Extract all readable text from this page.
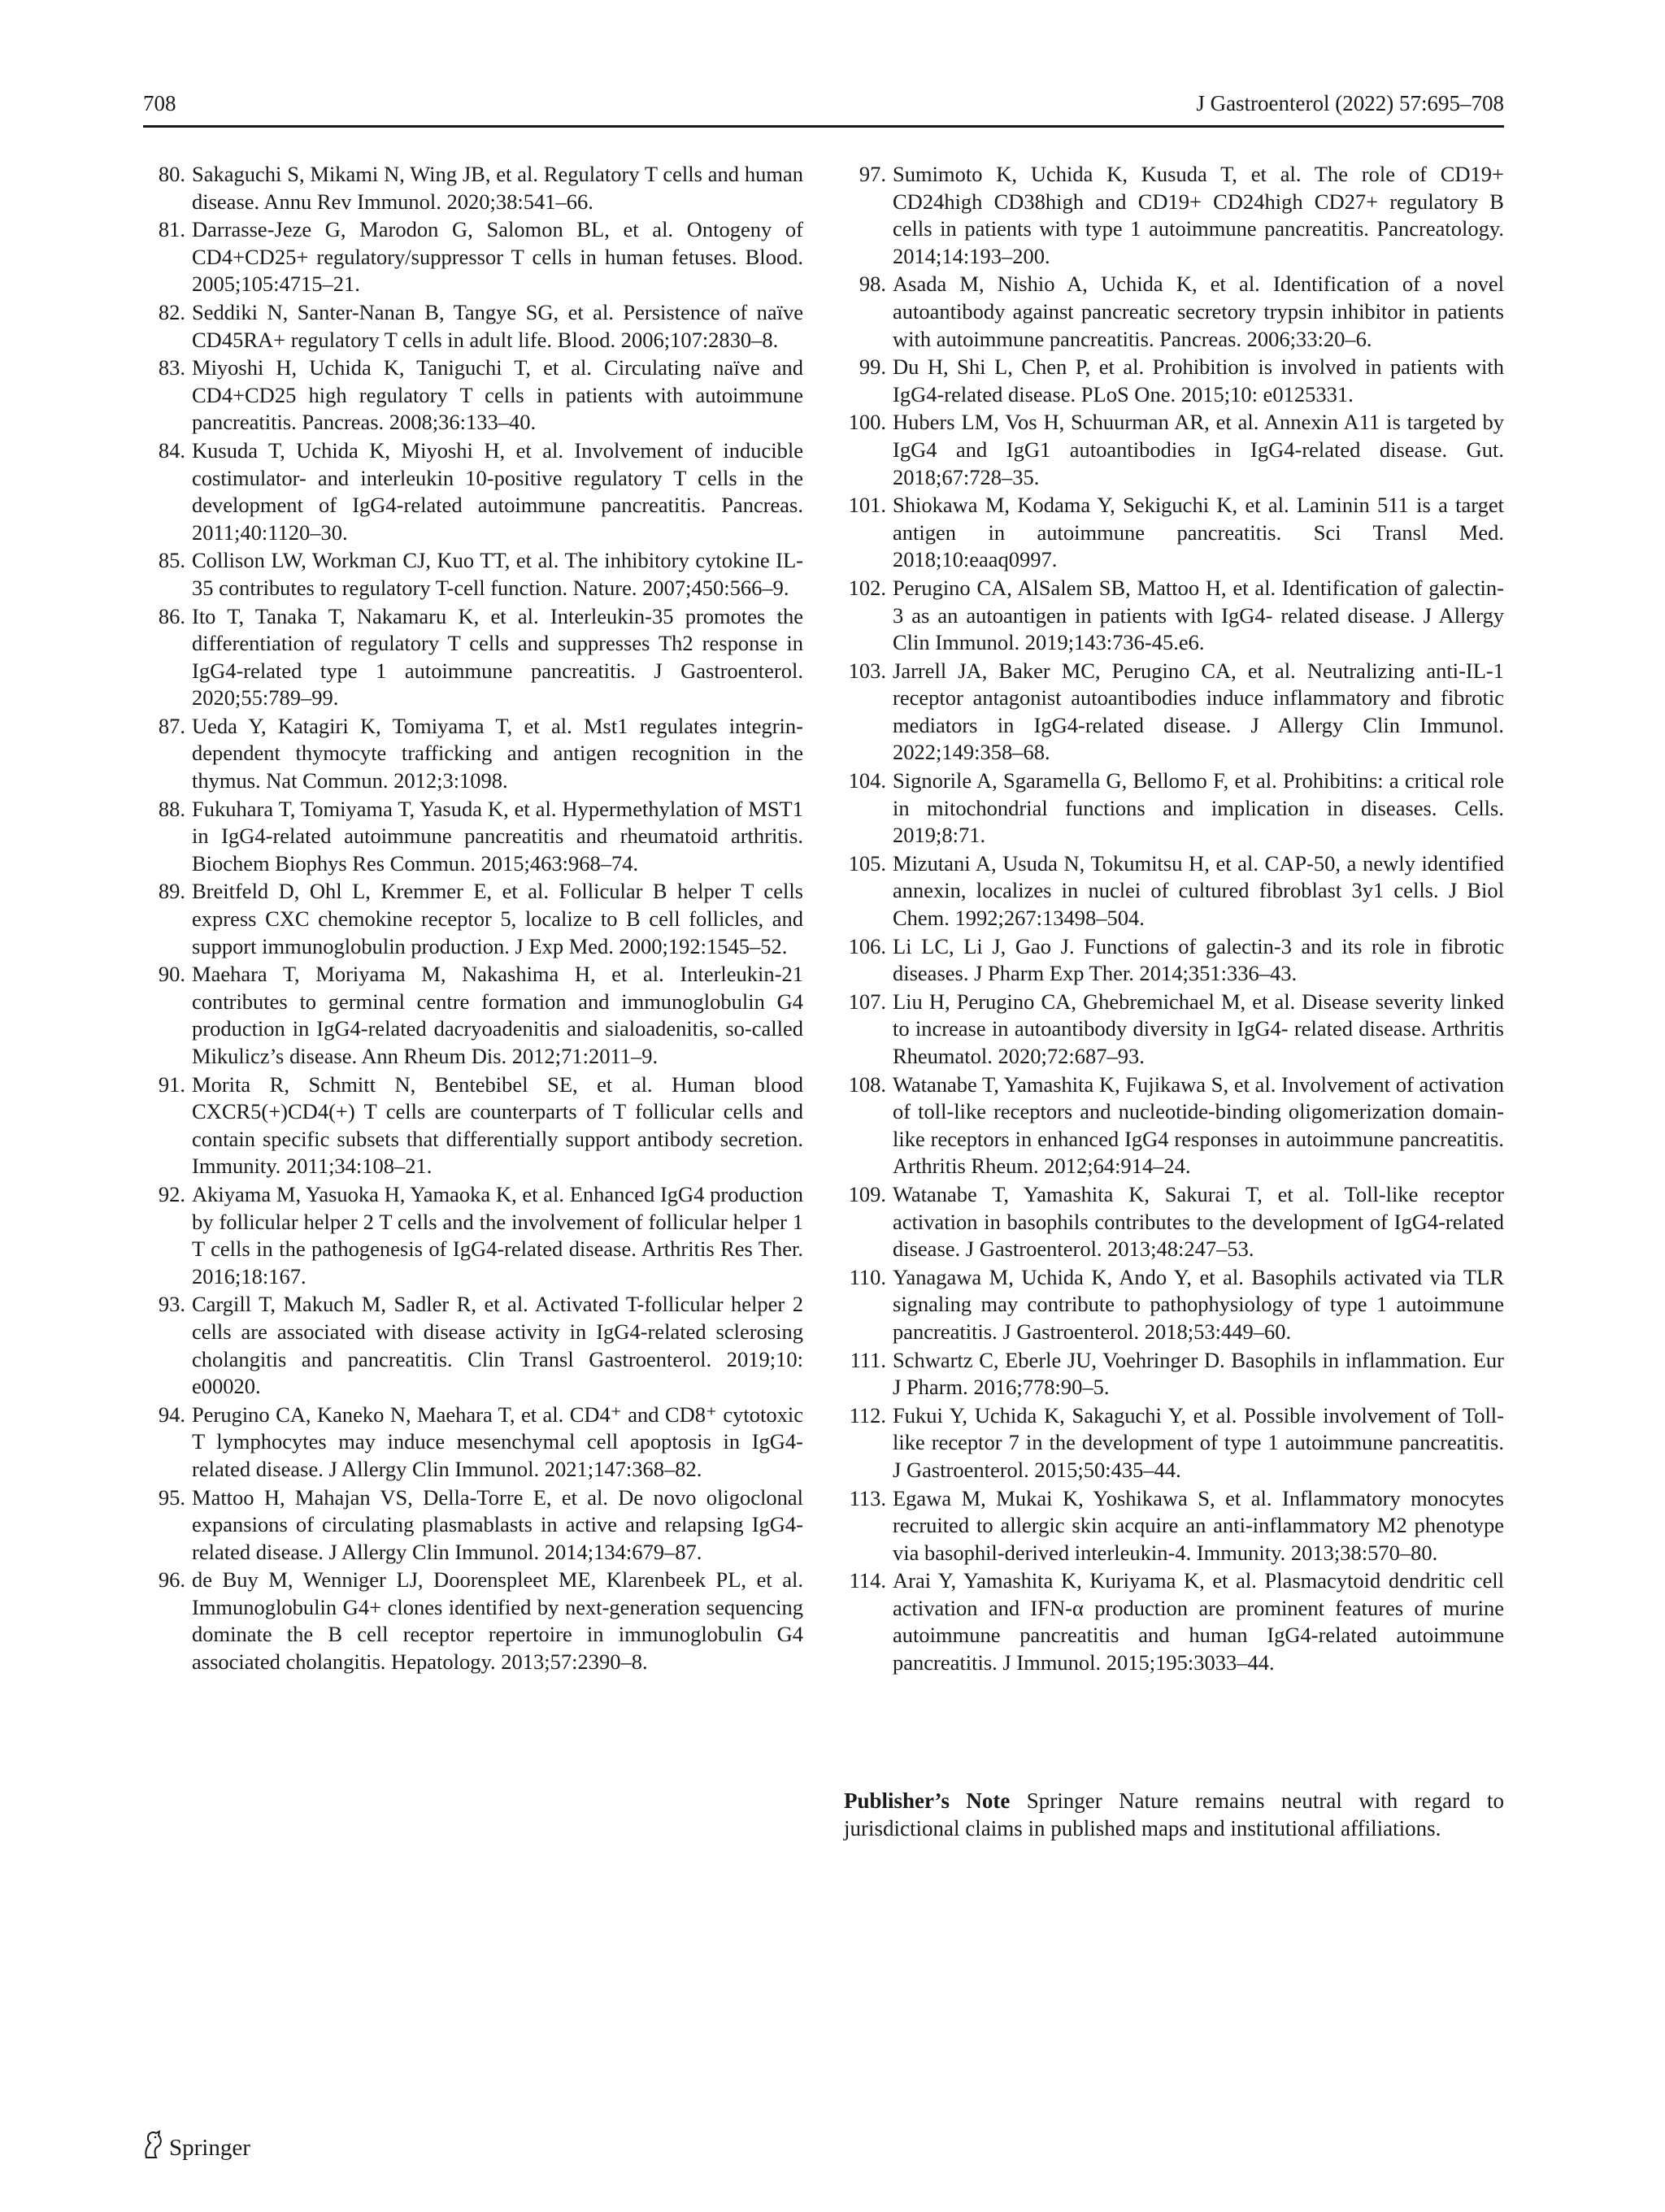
708	J Gastroenterol (2022) 57:695–708
80. Sakaguchi S, Mikami N, Wing JB, et al. Regulatory T cells and human disease. Annu Rev Immunol. 2020;38:541–66.
81. Darrasse-Jeze G, Marodon G, Salomon BL, et al. Ontogeny of CD4+CD25+ regulatory/suppressor T cells in human fetuses. Blood. 2005;105:4715–21.
82. Seddiki N, Santer-Nanan B, Tangye SG, et al. Persistence of naïve CD45RA+ regulatory T cells in adult life. Blood. 2006;107:2830–8.
83. Miyoshi H, Uchida K, Taniguchi T, et al. Circulating naïve and CD4+CD25 high regulatory T cells in patients with autoimmune pancreatitis. Pancreas. 2008;36:133–40.
84. Kusuda T, Uchida K, Miyoshi H, et al. Involvement of inducible costimulator- and interleukin 10-positive regulatory T cells in the development of IgG4-related autoimmune pancreatitis. Pancreas. 2011;40:1120–30.
85. Collison LW, Workman CJ, Kuo TT, et al. The inhibitory cytokine IL-35 contributes to regulatory T-cell function. Nature. 2007;450:566–9.
86. Ito T, Tanaka T, Nakamaru K, et al. Interleukin-35 promotes the differentiation of regulatory T cells and suppresses Th2 response in IgG4-related type 1 autoimmune pancreatitis. J Gastroenterol. 2020;55:789–99.
87. Ueda Y, Katagiri K, Tomiyama T, et al. Mst1 regulates integrin-dependent thymocyte trafficking and antigen recognition in the thymus. Nat Commun. 2012;3:1098.
88. Fukuhara T, Tomiyama T, Yasuda K, et al. Hypermethylation of MST1 in IgG4-related autoimmune pancreatitis and rheumatoid arthritis. Biochem Biophys Res Commun. 2015;463:968–74.
89. Breitfeld D, Ohl L, Kremmer E, et al. Follicular B helper T cells express CXC chemokine receptor 5, localize to B cell follicles, and support immunoglobulin production. J Exp Med. 2000;192:1545–52.
90. Maehara T, Moriyama M, Nakashima H, et al. Interleukin-21 contributes to germinal centre formation and immunoglobulin G4 production in IgG4-related dacryoadenitis and sialoadenitis, so-called Mikulicz’s disease. Ann Rheum Dis. 2012;71:2011–9.
91. Morita R, Schmitt N, Bentebibel SE, et al. Human blood CXCR5(+)CD4(+) T cells are counterparts of T follicular cells and contain specific subsets that differentially support antibody secretion. Immunity. 2011;34:108–21.
92. Akiyama M, Yasuoka H, Yamaoka K, et al. Enhanced IgG4 production by follicular helper 2 T cells and the involvement of follicular helper 1 T cells in the pathogenesis of IgG4-related disease. Arthritis Res Ther. 2016;18:167.
93. Cargill T, Makuch M, Sadler R, et al. Activated T-follicular helper 2 cells are associated with disease activity in IgG4-related sclerosing cholangitis and pancreatitis. Clin Transl Gastroenterol. 2019;10: e00020.
94. Perugino CA, Kaneko N, Maehara T, et al. CD4⁺ and CD8⁺ cytotoxic T lymphocytes may induce mesenchymal cell apoptosis in IgG4-related disease. J Allergy Clin Immunol. 2021;147:368–82.
95. Mattoo H, Mahajan VS, Della-Torre E, et al. De novo oligoclonal expansions of circulating plasmablasts in active and relapsing IgG4-related disease. J Allergy Clin Immunol. 2014;134:679–87.
96. de Buy M, Wenniger LJ, Doorenspleet ME, Klarenbeek PL, et al. Immunoglobulin G4+ clones identified by next-generation sequencing dominate the B cell receptor repertoire in immunoglobulin G4 associated cholangitis. Hepatology. 2013;57:2390–8.
97. Sumimoto K, Uchida K, Kusuda T, et al. The role of CD19+ CD24high CD38high and CD19+ CD24high CD27+ regulatory B cells in patients with type 1 autoimmune pancreatitis. Pancreatology. 2014;14:193–200.
98. Asada M, Nishio A, Uchida K, et al. Identification of a novel autoantibody against pancreatic secretory trypsin inhibitor in patients with autoimmune pancreatitis. Pancreas. 2006;33:20–6.
99. Du H, Shi L, Chen P, et al. Prohibition is involved in patients with IgG4-related disease. PLoS One. 2015;10: e0125331.
100. Hubers LM, Vos H, Schuurman AR, et al. Annexin A11 is targeted by IgG4 and IgG1 autoantibodies in IgG4-related disease. Gut. 2018;67:728–35.
101. Shiokawa M, Kodama Y, Sekiguchi K, et al. Laminin 511 is a target antigen in autoimmune pancreatitis. Sci Transl Med. 2018;10:eaaq0997.
102. Perugino CA, AlSalem SB, Mattoo H, et al. Identification of galectin-3 as an autoantigen in patients with IgG4- related disease. J Allergy Clin Immunol. 2019;143:736-45.e6.
103. Jarrell JA, Baker MC, Perugino CA, et al. Neutralizing anti-IL-1 receptor antagonist autoantibodies induce inflammatory and fibrotic mediators in IgG4-related disease. J Allergy Clin Immunol. 2022;149:358–68.
104. Signorile A, Sgaramella G, Bellomo F, et al. Prohibitins: a critical role in mitochondrial functions and implication in diseases. Cells. 2019;8:71.
105. Mizutani A, Usuda N, Tokumitsu H, et al. CAP-50, a newly identified annexin, localizes in nuclei of cultured fibroblast 3y1 cells. J Biol Chem. 1992;267:13498–504.
106. Li LC, Li J, Gao J. Functions of galectin-3 and its role in fibrotic diseases. J Pharm Exp Ther. 2014;351:336–43.
107. Liu H, Perugino CA, Ghebremichael M, et al. Disease severity linked to increase in autoantibody diversity in IgG4- related disease. Arthritis Rheumatol. 2020;72:687–93.
108. Watanabe T, Yamashita K, Fujikawa S, et al. Involvement of activation of toll-like receptors and nucleotide-binding oligomerization domain-like receptors in enhanced IgG4 responses in autoimmune pancreatitis. Arthritis Rheum. 2012;64:914–24.
109. Watanabe T, Yamashita K, Sakurai T, et al. Toll-like receptor activation in basophils contributes to the development of IgG4-related disease. J Gastroenterol. 2013;48:247–53.
110. Yanagawa M, Uchida K, Ando Y, et al. Basophils activated via TLR signaling may contribute to pathophysiology of type 1 autoimmune pancreatitis. J Gastroenterol. 2018;53:449–60.
111. Schwartz C, Eberle JU, Voehringer D. Basophils in inflammation. Eur J Pharm. 2016;778:90–5.
112. Fukui Y, Uchida K, Sakaguchi Y, et al. Possible involvement of Toll-like receptor 7 in the development of type 1 autoimmune pancreatitis. J Gastroenterol. 2015;50:435–44.
113. Egawa M, Mukai K, Yoshikawa S, et al. Inflammatory monocytes recruited to allergic skin acquire an anti-inflammatory M2 phenotype via basophil-derived interleukin-4. Immunity. 2013;38:570–80.
114. Arai Y, Yamashita K, Kuriyama K, et al. Plasmacytoid dendritic cell activation and IFN-α production are prominent features of murine autoimmune pancreatitis and human IgG4-related autoimmune pancreatitis. J Immunol. 2015;195:3033–44.
Publisher’s Note Springer Nature remains neutral with regard to jurisdictional claims in published maps and institutional affiliations.
Springer
